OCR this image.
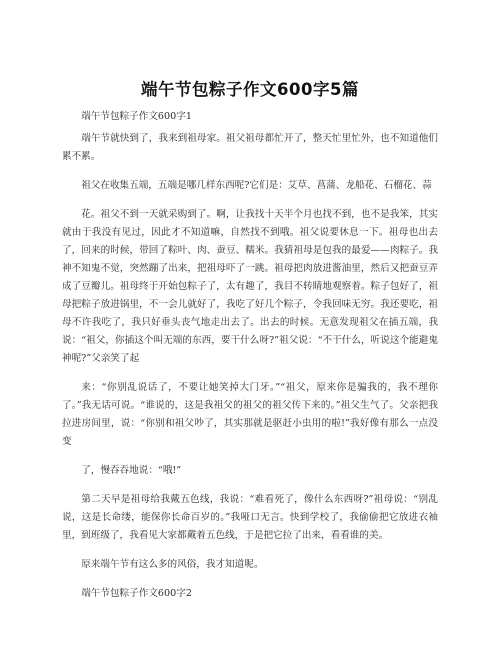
端午节包粽子作文600字5篇

端午节包粽子作文600字1

端午节就快到了，我来到祖母家。祖父祖母都忙开了，整天忙里忙外，也不知道他们累不累。

祖父在收集五端，五端是哪几样东西呢?它们是：艾草、菖蒲、龙船花、石榴花、蒜

花。祖父不到一天就采购到了。啊，让我找十天半个月也找不到，也不是我笨，其实就由于我没有见过，因此才不知道嘛，自然找不到哦。祖父说要休息一下。祖母也出去了，回来的时候，带回了粽叶、肉、蚕豆、糯米。我猜祖母是包我的最爱——肉粽子。我神不知鬼不觉，突然蹦了出来，把祖母吓了一跳。祖母把肉放进酱油里，然后又把蚕豆弄成了豆瓣儿。祖母终于开始包粽子了，太有趣了，我目不转睛地观察着。粽子包好了，祖母把粽子放进锅里，不一会儿就好了，我吃了好几个粽子，令我回味无穷。我还要吃，祖母不许我吃了，我只好垂头丧气地走出去了。出去的时候。无意发现祖父在插五端，我说：“祖父，你插这个叫无端的东西，要干什么呀?”祖父说：“不干什么，听说这个能避鬼神呢?”父亲笑了起

来：“你别乱说话了，不要让她笑掉大门牙。”“祖父，原来你是骗我的，我不理你了。”我无话可说。“谁说的，这是我祖父的祖父的祖父传下来的。”祖父生气了。父亲把我拉进房间里，说：“你别和祖父吵了，其实那就是驱赶小虫用的啦!”我好像有那么一点没变

了，慢吞吞地说：“哦!”

第二天早是祖母给我戴五色线，我说：“难看死了，像什么东西呀?”祖母说：“别乱说，这是长命缕，能保你长命百岁的。”我哑口无言。快到学校了，我偷偷把它放进衣袖里，到班级了，我看见大家都戴着五色线，于是把它拉了出来，看看谁的美。

原来端午节有这么多的风俗，我才知道呢。

端午节包粽子作文600字2
